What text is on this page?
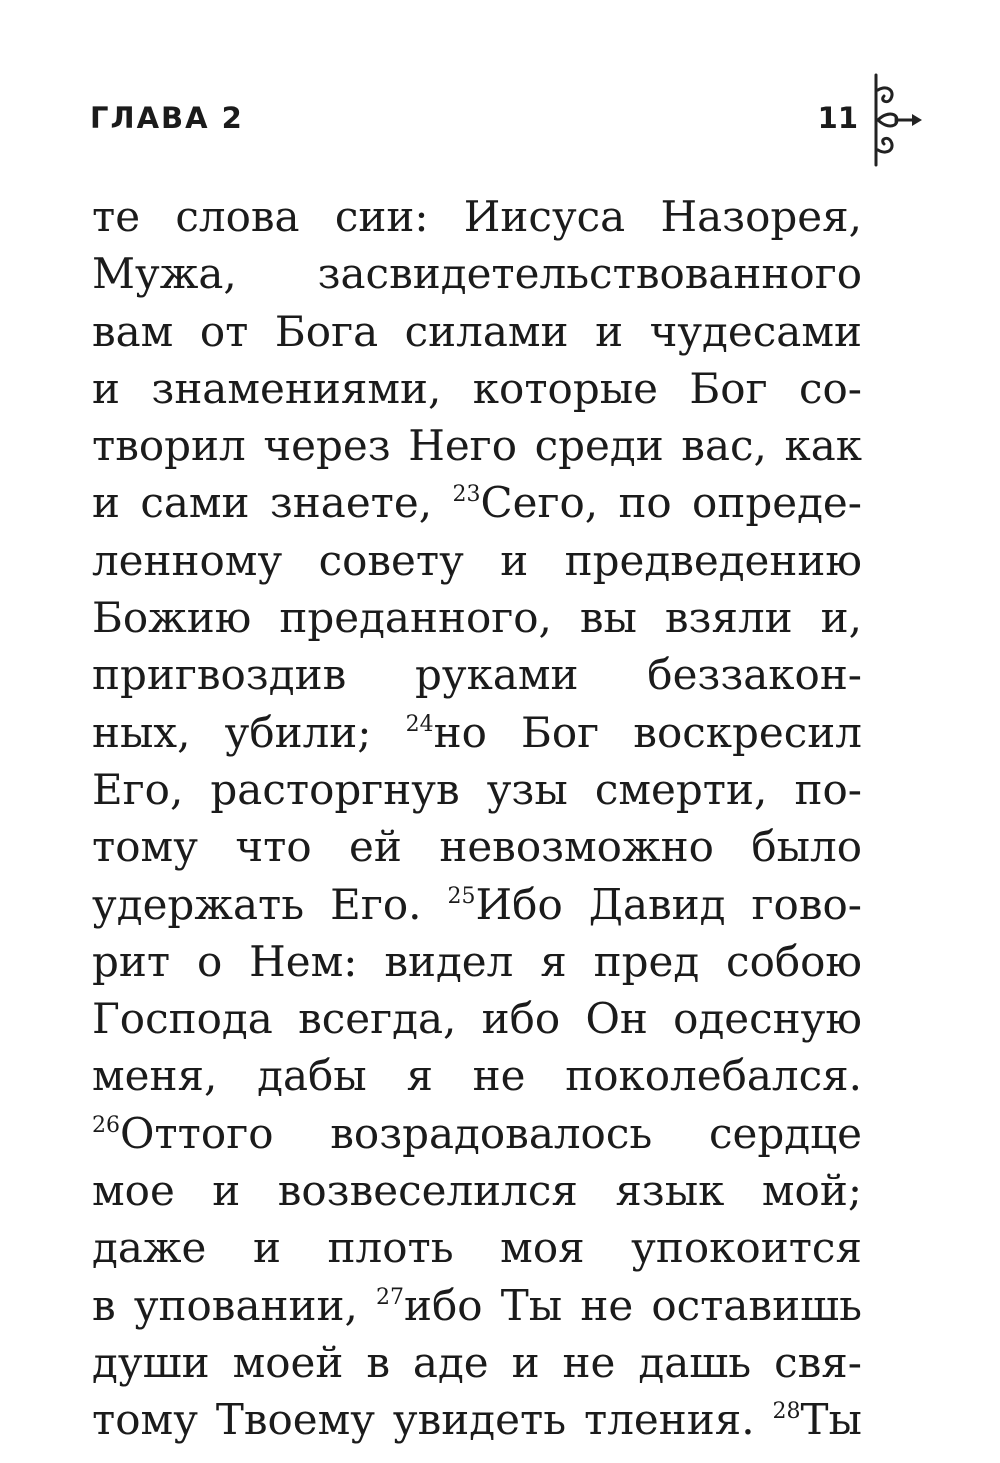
ГЛАВА 2	11
те слова сии: Иисуса Назорея,
Мужа, засвидетельствованного
вам от Бога силами и чудесами
и знамениями, которые Бог со-
творил через Него среди вас, как
и сами знаете, 23Сего, по опреде-
ленному совету и предведению
Божию преданного, вы взяли и,
пригвоздив руками беззакон-
ных, убили; 24но Бог воскресил
Его, расторгнув узы смерти, по-
тому что ей невозможно было
удержать Его. 25Ибо Давид гово-
рит о Нем: видел я пред собою
Господа всегда, ибо Он одесную
меня, дабы я не поколебался.
26Оттого возрадовалось сердце
мое и возвеселился язык мой;
даже и плоть моя упокоится
в уповании, 27ибо Ты не оставишь
души моей в аде и не дашь свя-
тому Твоему увидеть тления. 28Ты
